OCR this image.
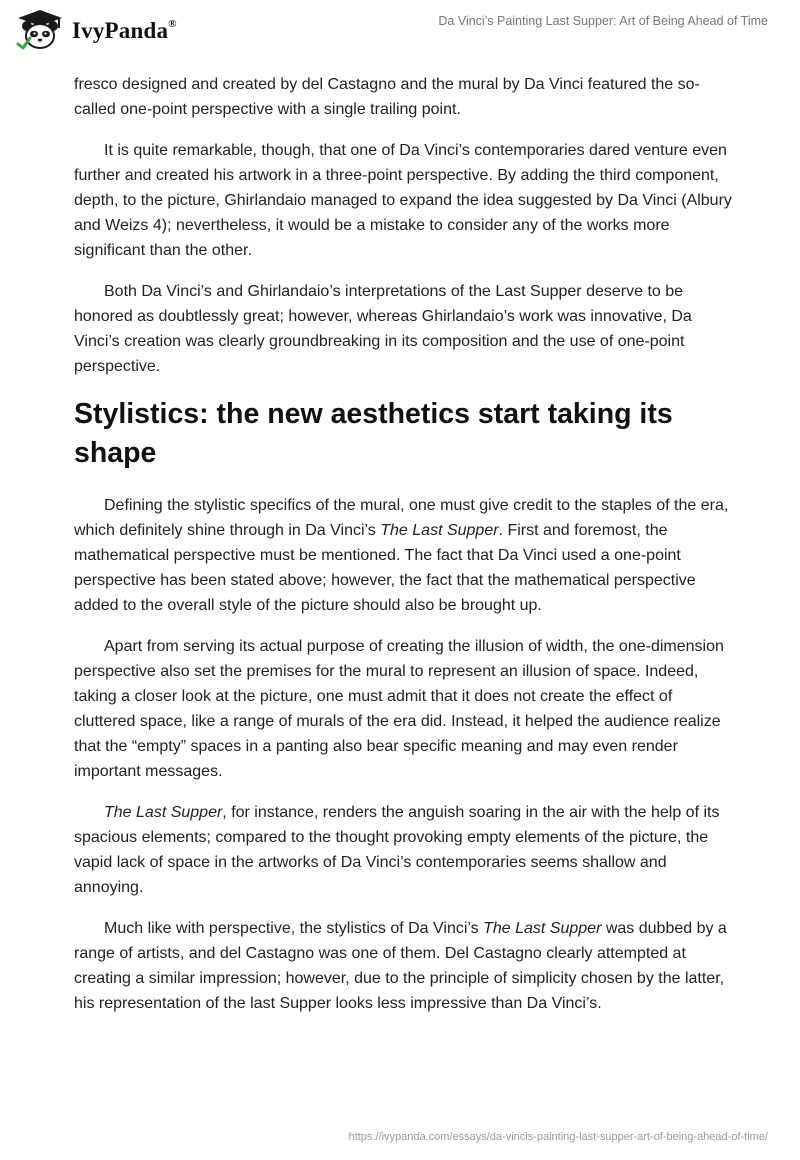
IvyPanda®	Da Vinci’s Painting Last Supper: Art of Being Ahead of Time

fresco designed and created by del Castagno and the mural by Da Vinci featured the so-called one-point perspective with a single trailing point.

It is quite remarkable, though, that one of Da Vinci’s contemporaries dared venture even further and created his artwork in a three-point perspective. By adding the third component, depth, to the picture, Ghirlandaio managed to expand the idea suggested by Da Vinci (Albury and Weizs 4); nevertheless, it would be a mistake to consider any of the works more significant than the other.

Both Da Vinci’s and Ghirlandaio’s interpretations of the Last Supper deserve to be honored as doubtlessly great; however, whereas Ghirlandaio’s work was innovative, Da Vinci’s creation was clearly groundbreaking in its composition and the use of one-point perspective.

Stylistics: the new aesthetics start taking its shape

Defining the stylistic specifics of the mural, one must give credit to the staples of the era, which definitely shine through in Da Vinci’s The Last Supper. First and foremost, the mathematical perspective must be mentioned. The fact that Da Vinci used a one-point perspective has been stated above; however, the fact that the mathematical perspective added to the overall style of the picture should also be brought up.

Apart from serving its actual purpose of creating the illusion of width, the one-dimension perspective also set the premises for the mural to represent an illusion of space. Indeed, taking a closer look at the picture, one must admit that it does not create the effect of cluttered space, like a range of murals of the era did. Instead, it helped the audience realize that the “empty” spaces in a panting also bear specific meaning and may even render important messages.

The Last Supper, for instance, renders the anguish soaring in the air with the help of its spacious elements; compared to the thought provoking empty elements of the picture, the vapid lack of space in the artworks of Da Vinci’s contemporaries seems shallow and annoying.

Much like with perspective, the stylistics of Da Vinci’s The Last Supper was dubbed by a range of artists, and del Castagno was one of them. Del Castagno clearly attempted at creating a similar impression; however, due to the principle of simplicity chosen by the latter, his representation of the last Supper looks less impressive than Da Vinci’s.

https://ivypanda.com/essays/da-vincis-painting-last-supper-art-of-being-ahead-of-time/
